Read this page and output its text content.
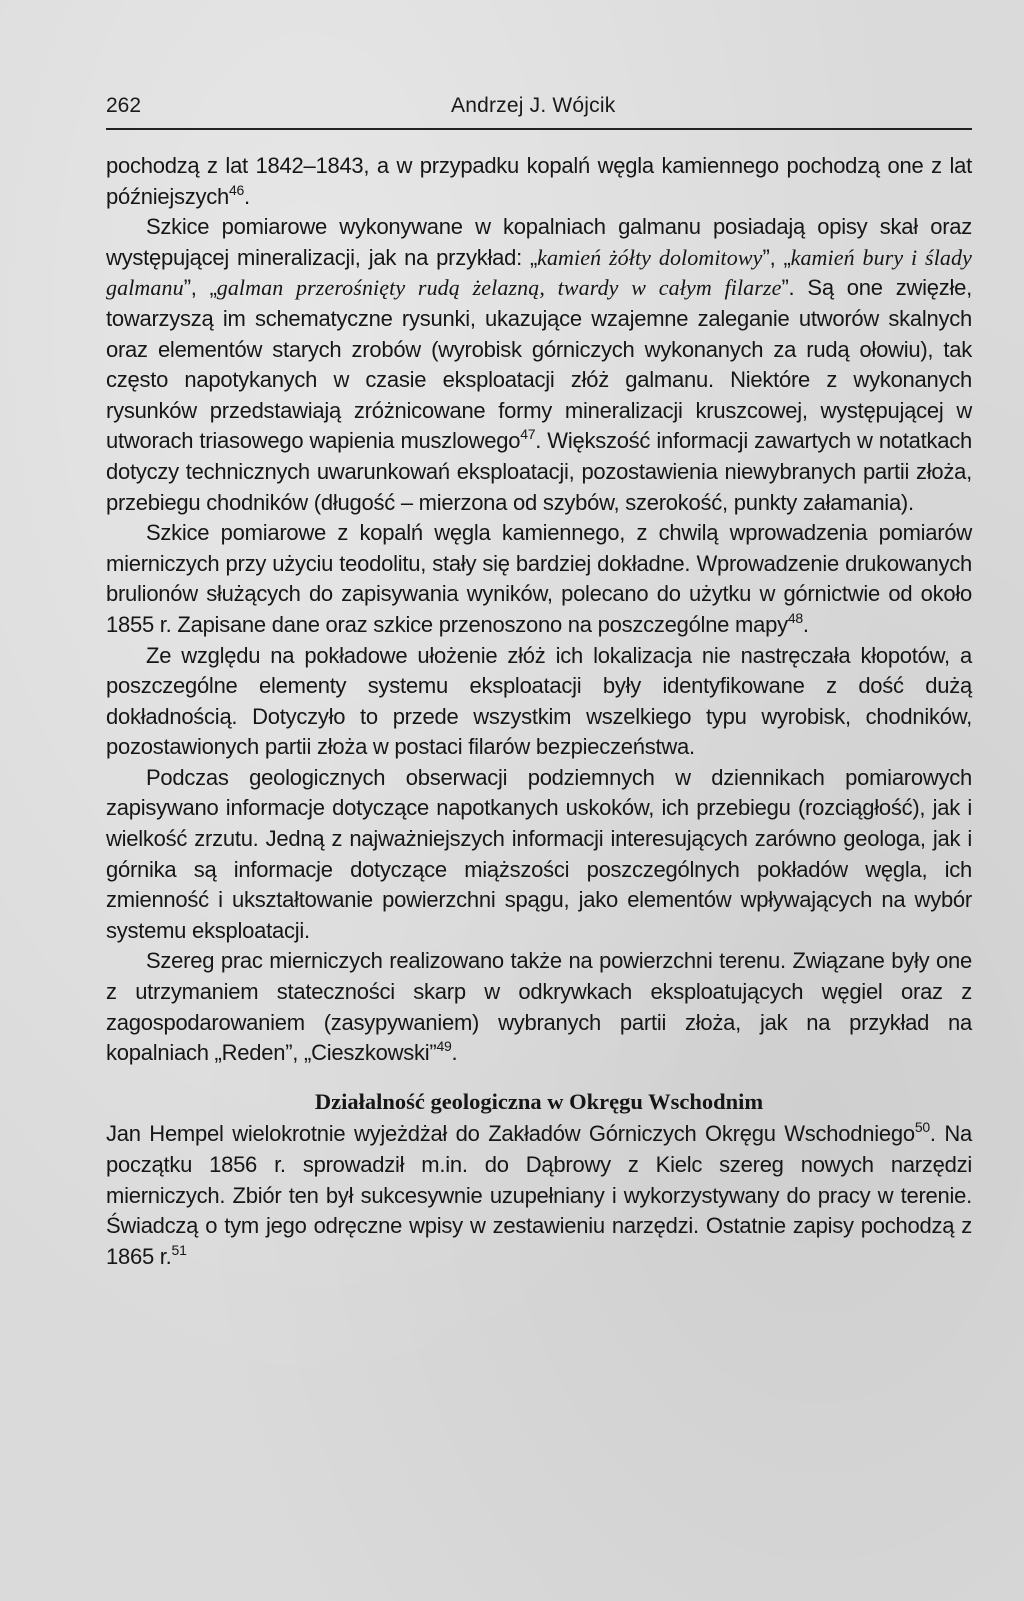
262	Andrzej J. Wójcik

pochodzą z lat 1842–1843, a w przypadku kopalń węgla kamiennego pochodzą one z lat późniejszych$^{46}$.

Szkice pomiarowe wykonywane w kopalniach galmanu posiadają opisy skał oraz występującej mineralizacji, jak na przykład: „kamień żółty dolomitowy”, „kamień bury i ślady galmanu”, „galman przerośnięty rudą żelazną, twardy w całym filarze”. Są one zwięzłe, towarzyszą im schematyczne rysunki, ukazujące wzajemne zaleganie utworów skalnych oraz elementów starych zrobów (wyrobisk górniczych wykonanych za rudą ołowiu), tak często napotykanych w czasie eksploatacji złóż galmanu. Niektóre z wykonanych rysunków przedstawiają zróżnicowane formy mineralizacji kruszcowej, występującej w utworach triasowego wapienia muszlowego$^{47}$. Większość informacji zawartych w notatkach dotyczy technicznych uwarunkowań eksploatacji, pozostawienia niewybranych partii złoża, przebiegu chodników (długość – mierzona od szybów, szerokość, punkty załamania).

Szkice pomiarowe z kopalń węgla kamiennego, z chwilą wprowadzenia pomiarów mierniczych przy użyciu teodolitu, stały się bardziej dokładne. Wprowadzenie drukowanych brulionów służących do zapisywania wyników, polecano do użytku w górnictwie od około 1855 r. Zapisane dane oraz szkice przenoszono na poszczególne mapy$^{48}$.

Ze względu na pokładowe ułożenie złóż ich lokalizacja nie nastręczała kłopotów, a poszczególne elementy systemu eksploatacji były identyfikowane z dość dużą dokładnością. Dotyczyło to przede wszystkim wszelkiego typu wyrobisk, chodników, pozostawionych partii złoża w postaci filarów bezpieczeństwa.

Podczas geologicznych obserwacji podziemnych w dziennikach pomiarowych zapisywano informacje dotyczące napotkanych uskoków, ich przebiegu (rozciągłość), jak i wielkość zrzutu. Jedną z najważniejszych informacji interesujących zarówno geologa, jak i górnika są informacje dotyczące miąższości poszczególnych pokładów węgla, ich zmienność i ukształtowanie powierzchni spągu, jako elementów wpływających na wybór systemu eksploatacji.

Szereg prac mierniczych realizowano także na powierzchni terenu. Związane były one z utrzymaniem stateczności skarp w odkrywkach eksploatujących węgiel oraz z zagospodarowaniem (zasypywaniem) wybranych partii złoża, jak na przykład na kopalniach „Reden”, „Cieszkowski”$^{49}$.

Działalność geologiczna w Okręgu Wschodnim

Jan Hempel wielokrotnie wyjeżdżał do Zakładów Górniczych Okręgu Wschodniego$^{50}$. Na początku 1856 r. sprowadził m.in. do Dąbrowy z Kielc szereg nowych narzędzi mierniczych. Zbiór ten był sukcesywnie uzupełniany i wykorzystywany do pracy w terenie. Świadczą o tym jego odręczne wpisy w zestawieniu narzędzi. Ostatnie zapisy pochodzą z 1865 r.$^{51}$
